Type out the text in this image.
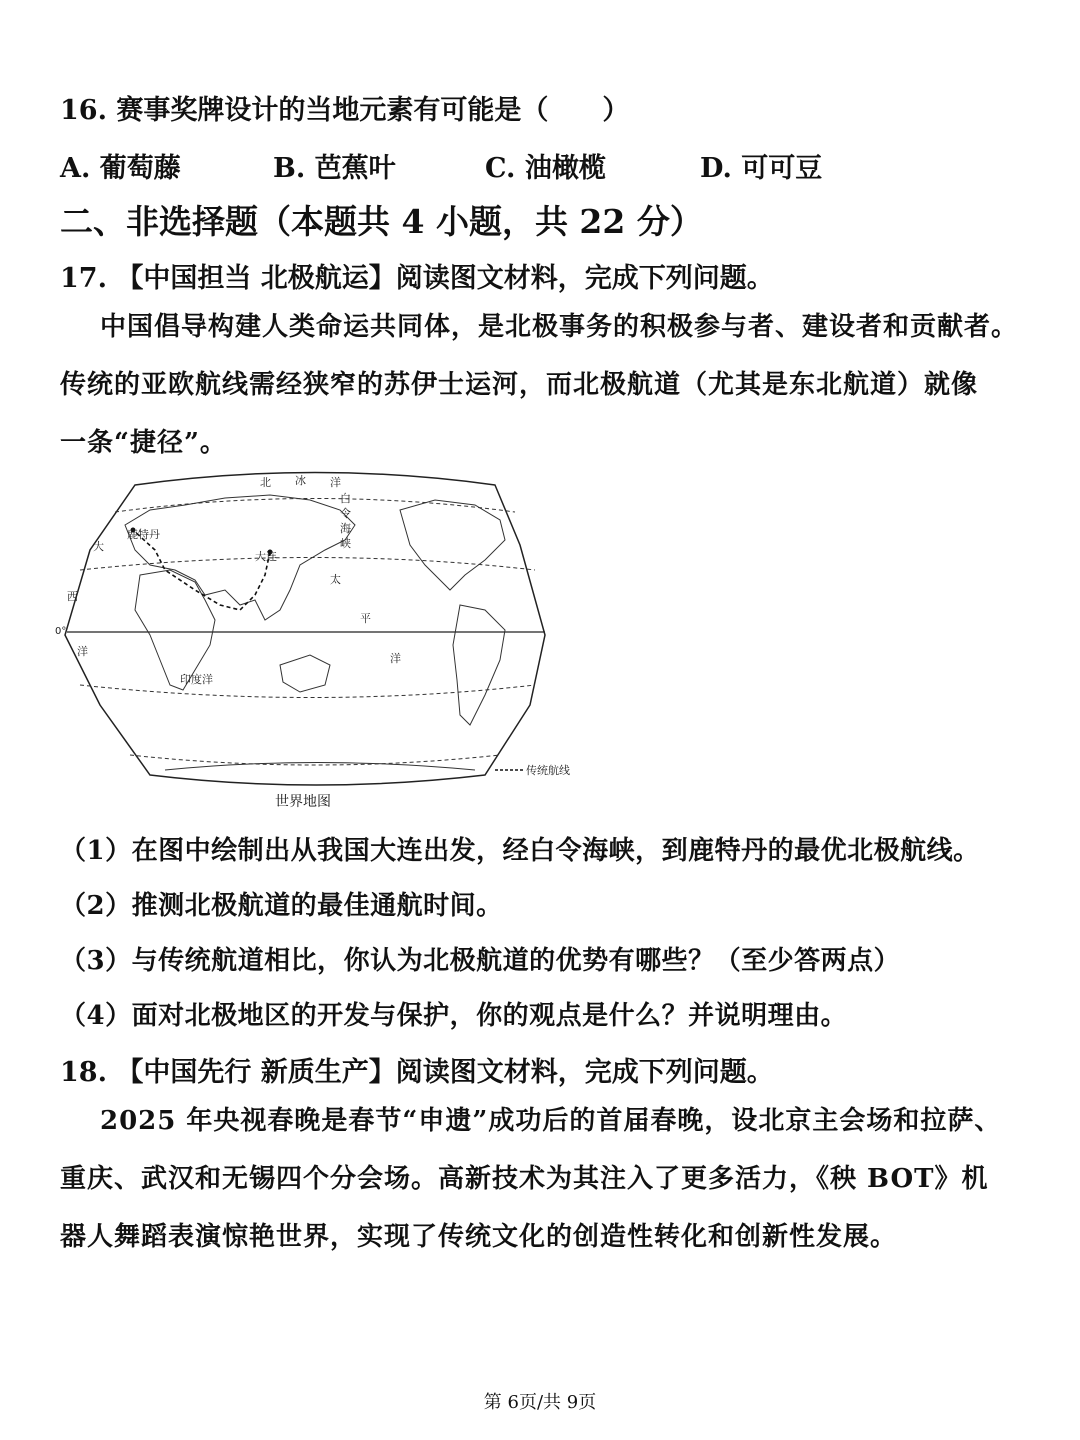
16. 赛事奖牌设计的当地元素有可能是（　　）
A. 葡萄藤	B. 芭蕉叶	C. 油橄榄	D. 可可豆
二、非选择题（本题共 4 小题，共 22 分）
17. 【中国担当 北极航运】阅读图文材料，完成下列问题。
中国倡导构建人类命运共同体，是北极事务的积极参与者、建设者和贡献者。
传统的亚欧航线需经狭窄的苏伊士运河，而北极航道（尤其是东北航道）就像
一条“捷径”。
北 冰 洋
白
令
海
峡
鹿特丹
大连
大
西
洋
太
平
洋
印度洋
0°
传统航线
世界地图
（1）在图中绘制出从我国大连出发，经白令海峡，到鹿特丹的最优北极航线。
（2）推测北极航道的最佳通航时间。
（3）与传统航道相比，你认为北极航道的优势有哪些？（至少答两点）
（4）面对北极地区的开发与保护，你的观点是什么？并说明理由。
18. 【中国先行 新质生产】阅读图文材料，完成下列问题。
2025 年央视春晚是春节“申遗”成功后的首届春晚，设北京主会场和拉萨、
重庆、武汉和无锡四个分会场。高新技术为其注入了更多活力，《秧 BOT》机
器人舞蹈表演惊艳世界，实现了传统文化的创造性转化和创新性发展。
第 6页/共 9页
